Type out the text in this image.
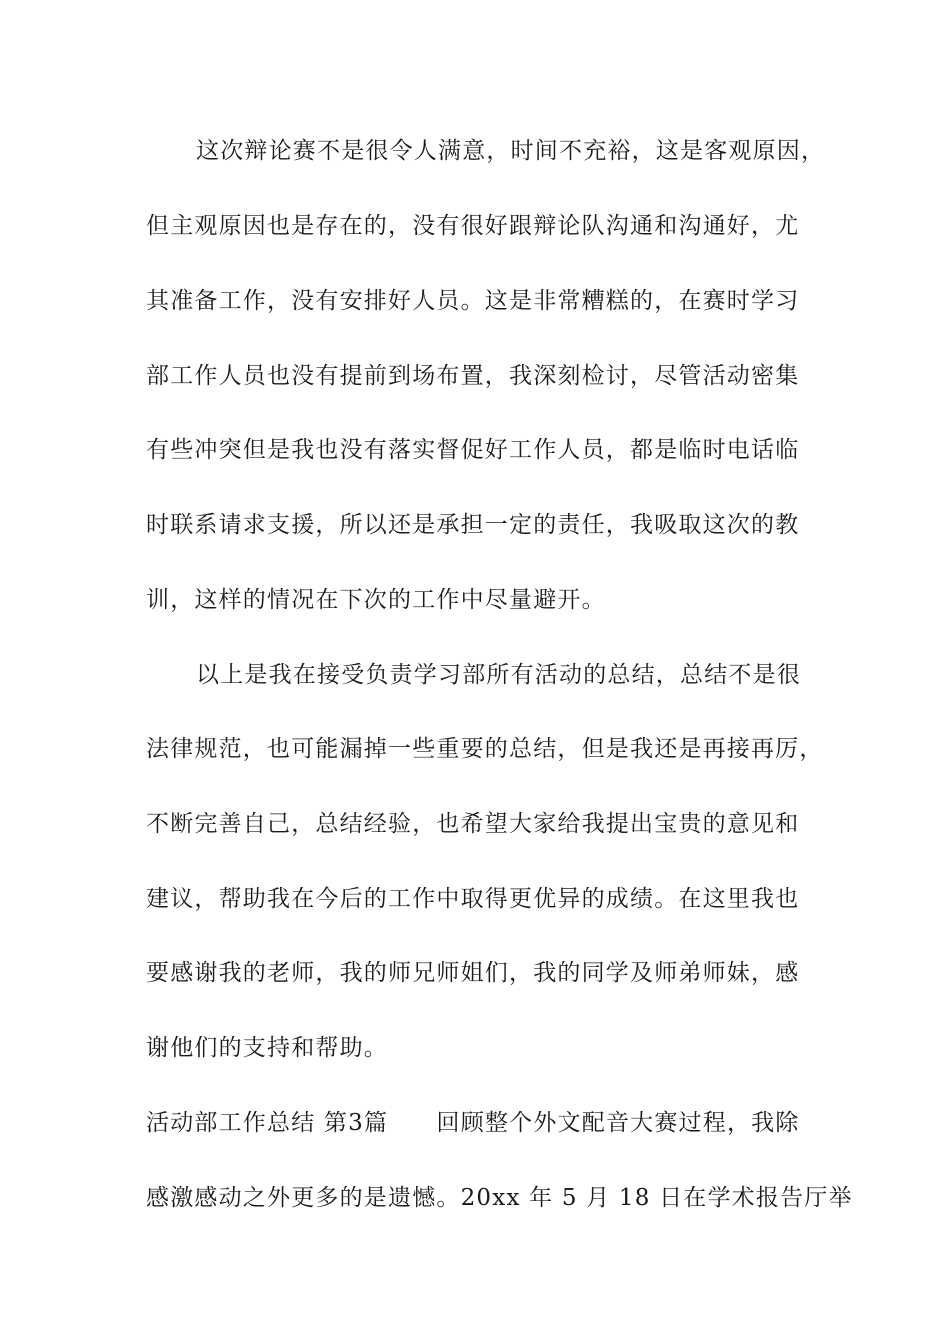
这次辩论赛不是很令人满意，时间不充裕，这是客观原因，
但主观原因也是存在的，没有很好跟辩论队沟通和沟通好，尤
其准备工作，没有安排好人员。这是非常糟糕的，在赛时学习
部工作人员也没有提前到场布置，我深刻检讨，尽管活动密集
有些冲突但是我也没有落实督促好工作人员，都是临时电话临
时联系请求支援，所以还是承担一定的责任，我吸取这次的教
训，这样的情况在下次的工作中尽量避开。
以上是我在接受负责学习部所有活动的总结，总结不是很
法律规范，也可能漏掉一些重要的总结，但是我还是再接再厉，
不断完善自己，总结经验，也希望大家给我提出宝贵的意见和
建议，帮助我在今后的工作中取得更优异的成绩。在这里我也
要感谢我的老师，我的师兄师姐们，我的同学及师弟师妹，感
谢他们的支持和帮助。
活动部工作总结 第3篇　　回顾整个外文配音大赛过程，我除
感激感动之外更多的是遗憾。20xx 年 5 月 18 日在学术报告厅举
